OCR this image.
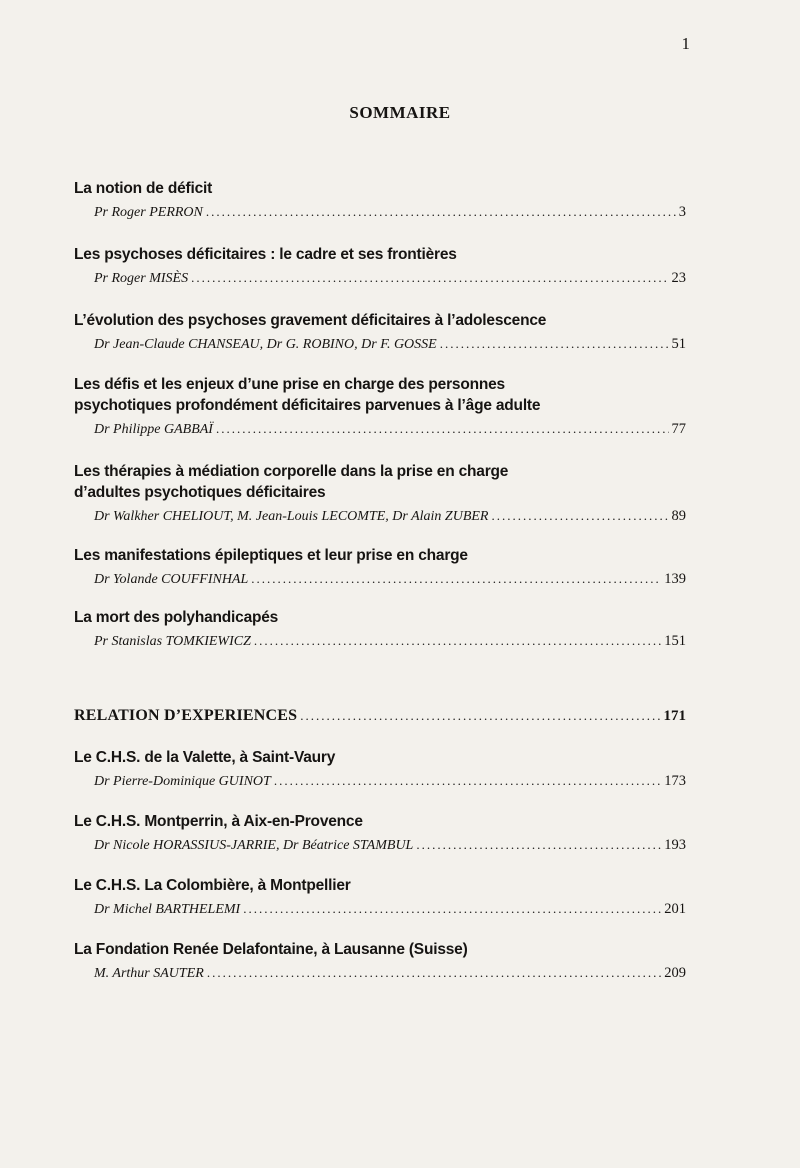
1
SOMMAIRE
La notion de déficit
Pr Roger PERRON .....	3
Les psychoses déficitaires : le cadre et ses frontières
Pr Roger MISÈS .....	23
L’évolution des psychoses gravement déficitaires à l’adolescence
Dr Jean-Claude CHANSEAU, Dr G. ROBINO, Dr F. GOSSE .....	51
Les défis et les enjeux d’une prise en charge des personnes
psychotiques profondément déficitaires parvenues à l’âge adulte
Dr Philippe GABBAÏ .....	77
Les thérapies à médiation corporelle dans la prise en charge
d’adultes psychotiques déficitaires
Dr Walkher CHELIOUT, M. Jean-Louis LECOMTE, Dr Alain ZUBER .....	89
Les manifestations épileptiques et leur prise en charge
Dr Yolande COUFFINHAL .....	139
La mort des polyhandicapés
Pr Stanislas TOMKIEWICZ .....	151
RELATION D’EXPERIENCES .....	171
Le C.H.S. de la Valette, à Saint-Vaury
Dr Pierre-Dominique GUINOT .....	173
Le C.H.S. Montperrin, à Aix-en-Provence
Dr Nicole HORASSIUS-JARRIE, Dr Béatrice STAMBUL .....	193
Le C.H.S. La Colombière, à Montpellier
Dr Michel BARTHELEMI .....	201
La Fondation Renée Delafontaine, à Lausanne (Suisse)
M. Arthur SAUTER .....	209
